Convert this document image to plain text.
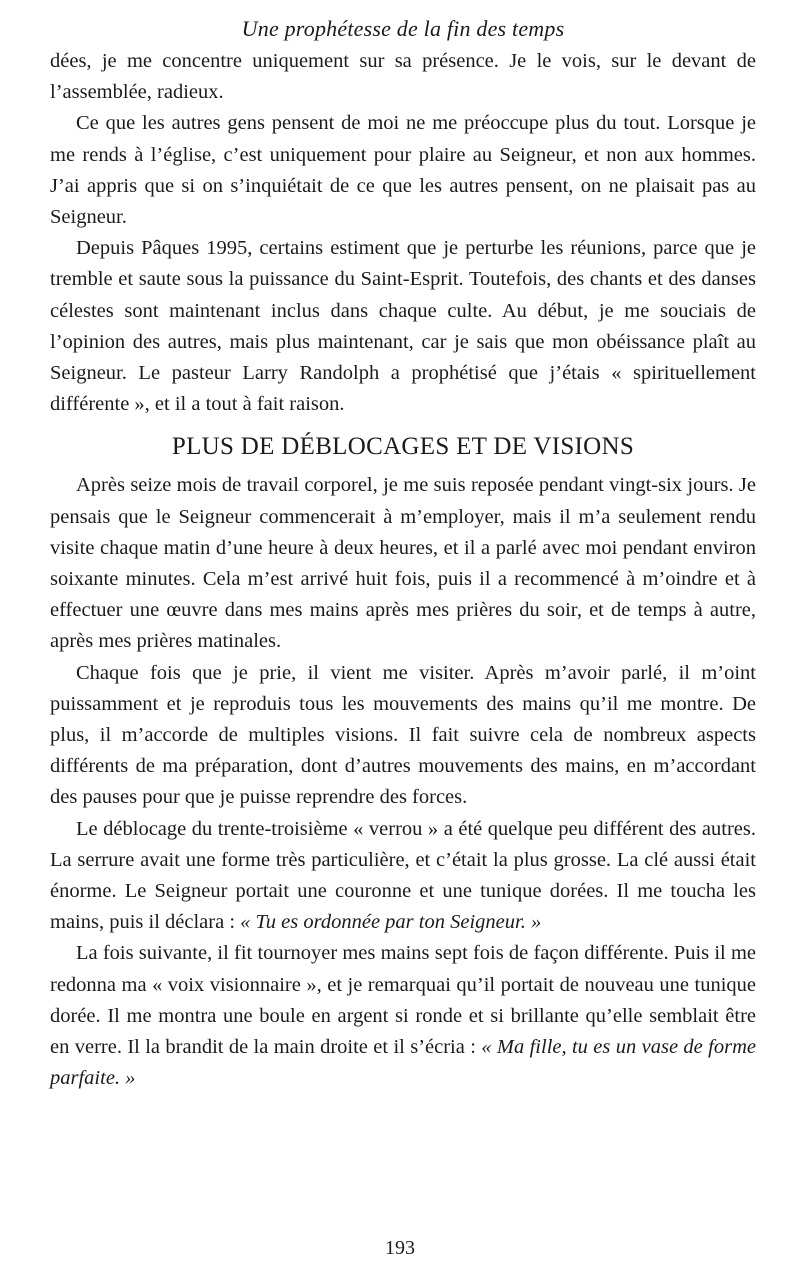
Une prophétesse de la fin des temps

dées, je me concentre uniquement sur sa présence. Je le vois, sur le devant de l’assemblée, radieux.

Ce que les autres gens pensent de moi ne me préoccupe plus du tout. Lorsque je me rends à l’église, c’est uniquement pour plaire au Seigneur, et non aux hommes. J’ai appris que si on s’inquiétait de ce que les autres pensent, on ne plaisait pas au Seigneur.

Depuis Pâques 1995, certains estiment que je perturbe les réunions, parce que je tremble et saute sous la puissance du Saint-Esprit. Toutefois, des chants et des danses célestes sont maintenant inclus dans chaque culte. Au début, je me souciais de l’opinion des autres, mais plus maintenant, car je sais que mon obéissance plaît au Seigneur. Le pasteur Larry Randolph a prophétisé que j’étais « spirituellement différente », et il a tout à fait raison.

PLUS DE DÉBLOCAGES ET DE VISIONS

Après seize mois de travail corporel, je me suis reposée pendant vingt-six jours. Je pensais que le Seigneur commencerait à m’employer, mais il m’a seulement rendu visite chaque matin d’une heure à deux heures, et il a parlé avec moi pendant environ soixante minutes. Cela m’est arrivé huit fois, puis il a recommencé à m’oindre et à effectuer une œuvre dans mes mains après mes prières du soir, et de temps à autre, après mes prières matinales.

Chaque fois que je prie, il vient me visiter. Après m’avoir parlé, il m’oint puissamment et je reproduis tous les mouvements des mains qu’il me montre. De plus, il m’accorde de multiples visions. Il fait suivre cela de nombreux aspects différents de ma préparation, dont d’autres mouvements des mains, en m’accordant des pauses pour que je puisse reprendre des forces.

Le déblocage du trente-troisième « verrou » a été quelque peu différent des autres. La serrure avait une forme très particulière, et c’était la plus grosse. La clé aussi était énorme. Le Seigneur portait une couronne et une tunique dorées. Il me toucha les mains, puis il déclara : « Tu es ordonnée par ton Seigneur. »

La fois suivante, il fit tournoyer mes mains sept fois de façon différente. Puis il me redonna ma « voix visionnaire », et je remarquai qu’il portait de nouveau une tunique dorée. Il me montra une boule en argent si ronde et si brillante qu’elle semblait être en verre. Il la brandit de la main droite et il s’écria : « Ma fille, tu es un vase de forme parfaite. »

193
